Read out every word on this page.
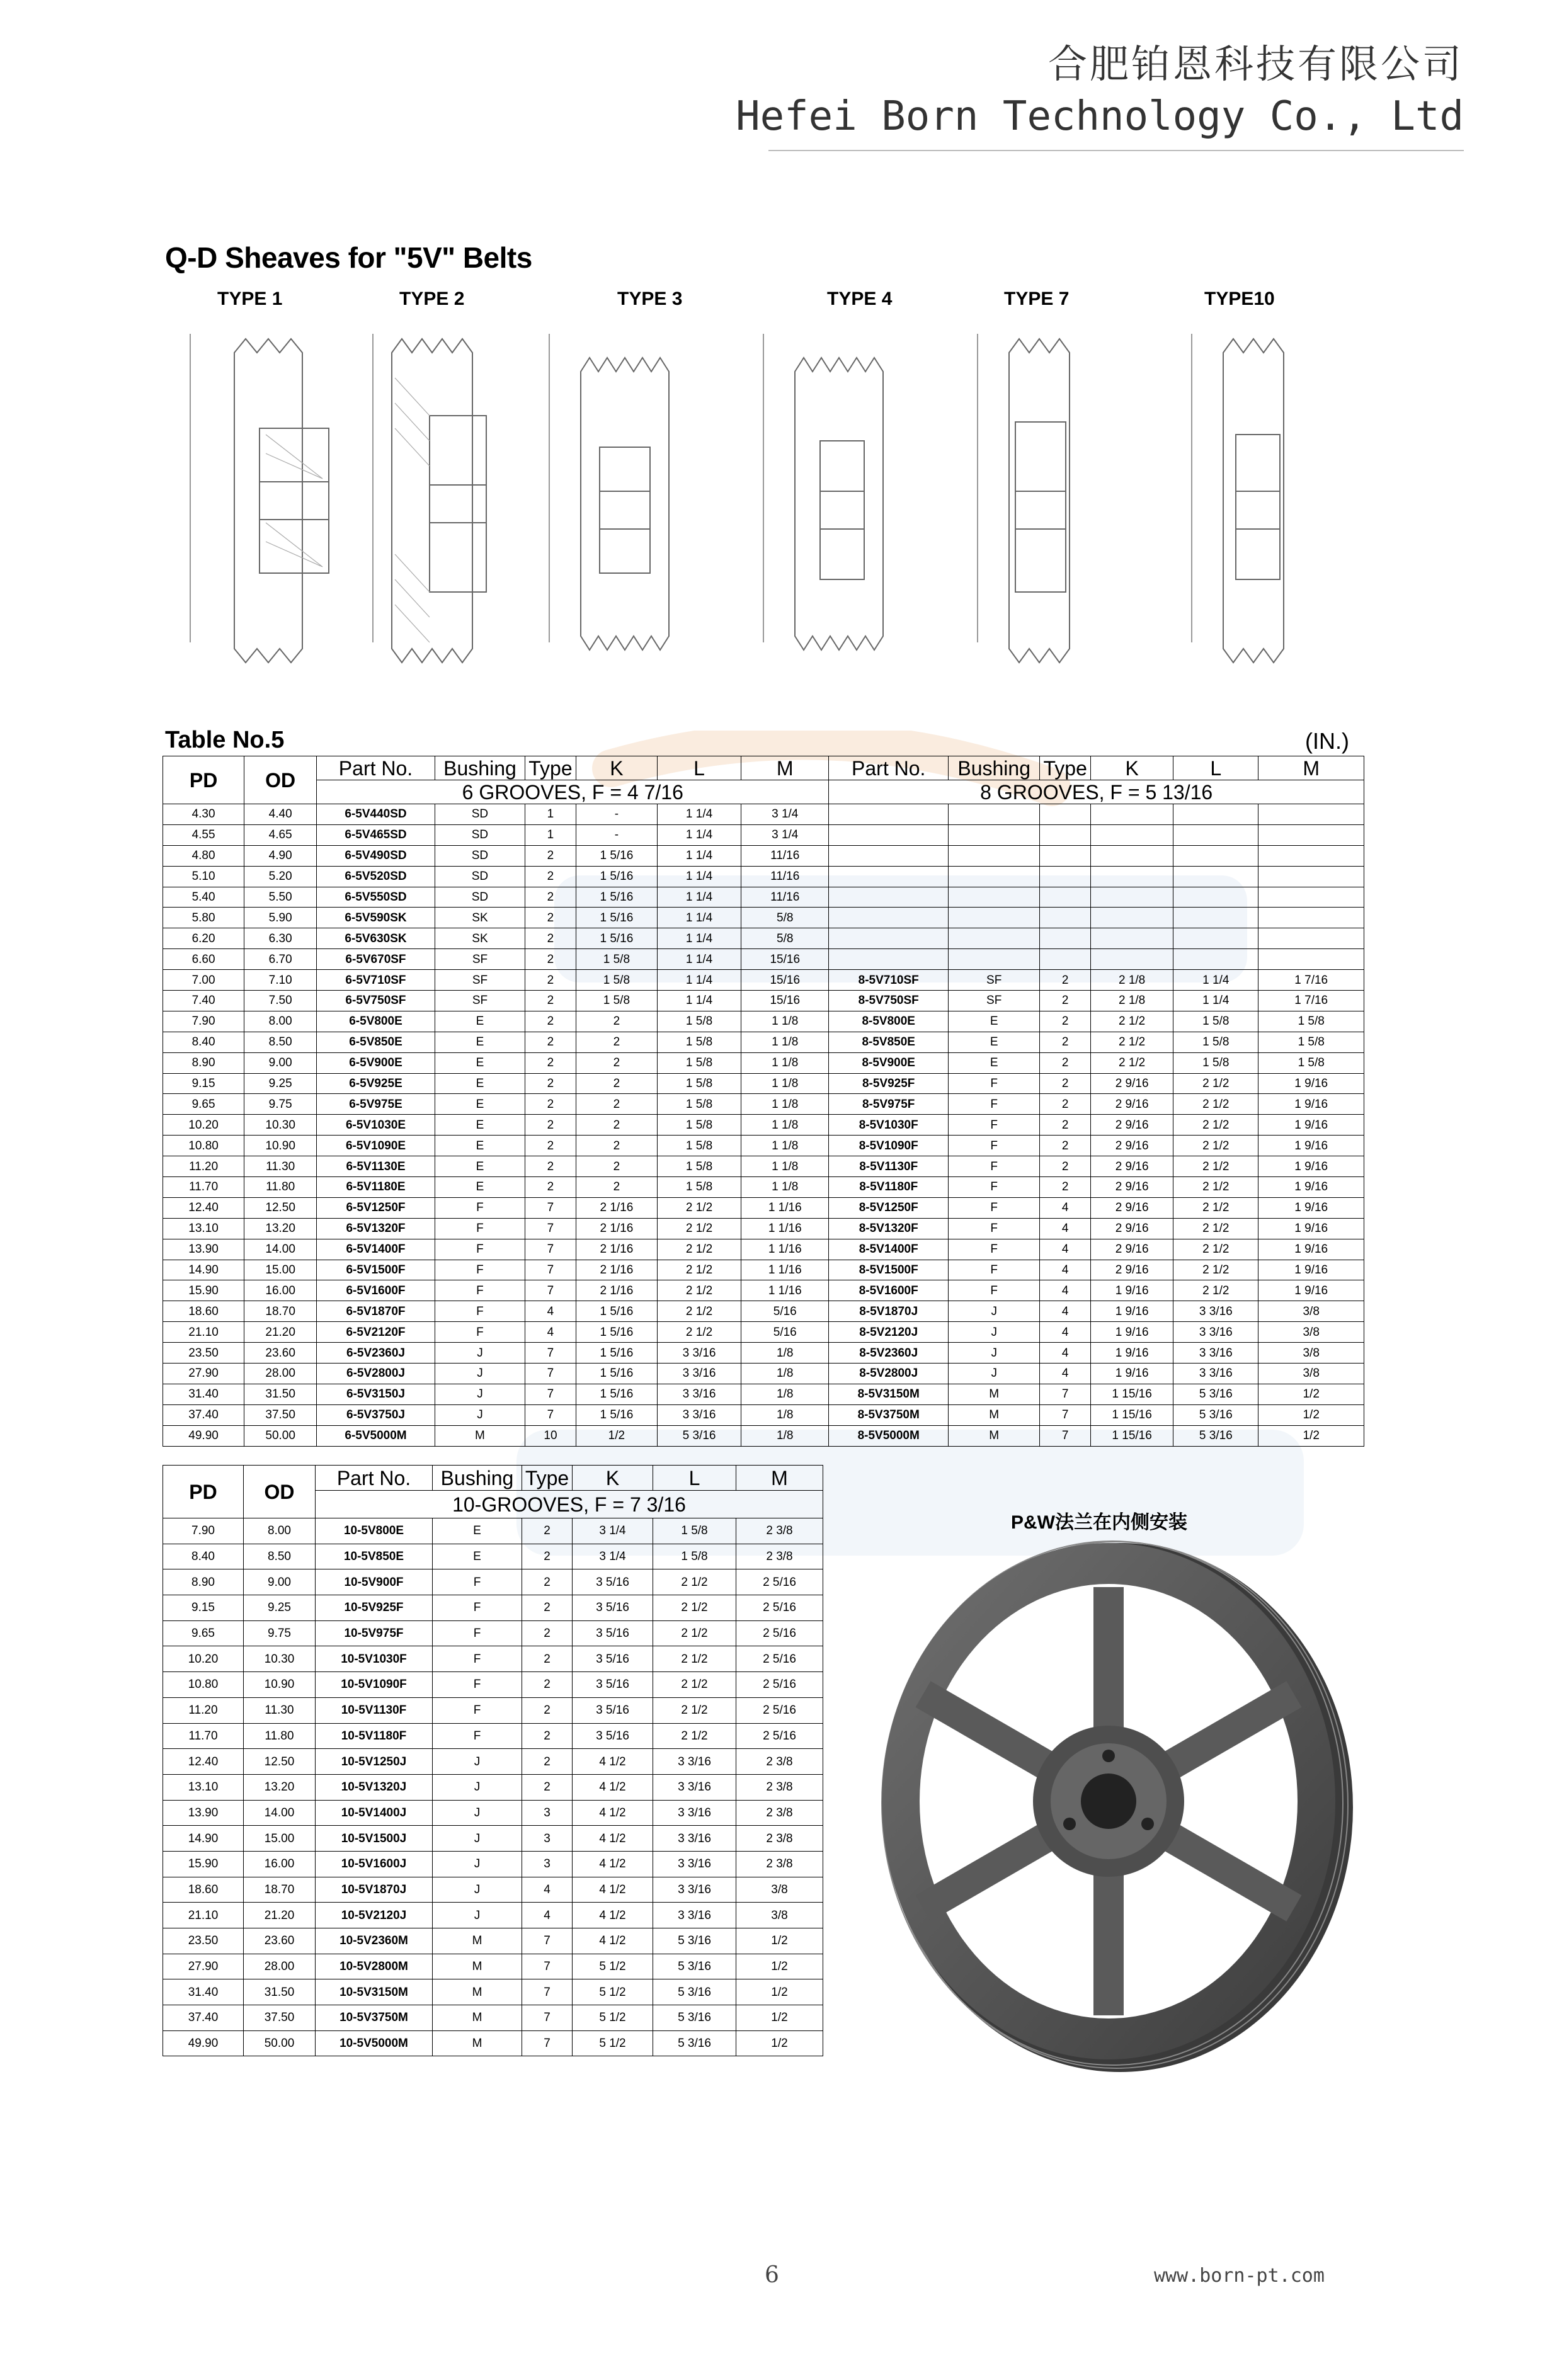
合肥铂恩科技有限公司
Hefei Born Technology Co., Ltd
Q-D Sheaves for "5V" Belts
TYPE 1	TYPE 2	TYPE 3	TYPE 4	TYPE 7	TYPE10
Table No.5	(IN.)
PD	OD	Part No.	Bushing	Type	K	L	M	Part No.	Bushing	Type	K	L	M
		6 GROOVES, F = 4 7/16						8 GROOVES, F = 5 13/16					
4.30	4.40	6-5V440SD	SD	1	-	1 1/4	3 1/4						
4.55	4.65	6-5V465SD	SD	1	-	1 1/4	3 1/4						
4.80	4.90	6-5V490SD	SD	2	1 5/16	1 1/4	11/16						
5.10	5.20	6-5V520SD	SD	2	1 5/16	1 1/4	11/16						
5.40	5.50	6-5V550SD	SD	2	1 5/16	1 1/4	11/16						
5.80	5.90	6-5V590SK	SK	2	1 5/16	1 1/4	5/8						
6.20	6.30	6-5V630SK	SK	2	1 5/16	1 1/4	5/8						
6.60	6.70	6-5V670SF	SF	2	1 5/8	1 1/4	15/16						
7.00	7.10	6-5V710SF	SF	2	1 5/8	1 1/4	15/16	8-5V710SF	SF	2	2 1/8	1 1/4	1 7/16
7.40	7.50	6-5V750SF	SF	2	1 5/8	1 1/4	15/16	8-5V750SF	SF	2	2 1/8	1 1/4	1 7/16
7.90	8.00	6-5V800E	E	2	2	1 5/8	1 1/8	8-5V800E	E	2	2 1/2	1 5/8	1 5/8
8.40	8.50	6-5V850E	E	2	2	1 5/8	1 1/8	8-5V850E	E	2	2 1/2	1 5/8	1 5/8
8.90	9.00	6-5V900E	E	2	2	1 5/8	1 1/8	8-5V900E	E	2	2 1/2	1 5/8	1 5/8
9.15	9.25	6-5V925E	E	2	2	1 5/8	1 1/8	8-5V925F	F	2	2 9/16	2 1/2	1 9/16
9.65	9.75	6-5V975E	E	2	2	1 5/8	1 1/8	8-5V975F	F	2	2 9/16	2 1/2	1 9/16
10.20	10.30	6-5V1030E	E	2	2	1 5/8	1 1/8	8-5V1030F	F	2	2 9/16	2 1/2	1 9/16
10.80	10.90	6-5V1090E	E	2	2	1 5/8	1 1/8	8-5V1090F	F	2	2 9/16	2 1/2	1 9/16
11.20	11.30	6-5V1130E	E	2	2	1 5/8	1 1/8	8-5V1130F	F	2	2 9/16	2 1/2	1 9/16
11.70	11.80	6-5V1180E	E	2	2	1 5/8	1 1/8	8-5V1180F	F	2	2 9/16	2 1/2	1 9/16
12.40	12.50	6-5V1250F	F	7	2 1/16	2 1/2	1 1/16	8-5V1250F	F	4	2 9/16	2 1/2	1 9/16
13.10	13.20	6-5V1320F	F	7	2 1/16	2 1/2	1 1/16	8-5V1320F	F	4	2 9/16	2 1/2	1 9/16
13.90	14.00	6-5V1400F	F	7	2 1/16	2 1/2	1 1/16	8-5V1400F	F	4	2 9/16	2 1/2	1 9/16
14.90	15.00	6-5V1500F	F	7	2 1/16	2 1/2	1 1/16	8-5V1500F	F	4	2 9/16	2 1/2	1 9/16
15.90	16.00	6-5V1600F	F	7	2 1/16	2 1/2	1 1/16	8-5V1600F	F	4	1 9/16	2 1/2	1 9/16
18.60	18.70	6-5V1870F	F	4	1 5/16	2 1/2	5/16	8-5V1870J	J	4	1 9/16	3 3/16	3/8
21.10	21.20	6-5V2120F	F	4	1 5/16	2 1/2	5/16	8-5V2120J	J	4	1 9/16	3 3/16	3/8
23.50	23.60	6-5V2360J	J	7	1 5/16	3 3/16	1/8	8-5V2360J	J	4	1 9/16	3 3/16	3/8
27.90	28.00	6-5V2800J	J	7	1 5/16	3 3/16	1/8	8-5V2800J	J	4	1 9/16	3 3/16	3/8
31.40	31.50	6-5V3150J	J	7	1 5/16	3 3/16	1/8	8-5V3150M	M	7	1 15/16	5 3/16	1/2
37.40	37.50	6-5V3750J	J	7	1 5/16	3 3/16	1/8	8-5V3750M	M	7	1 15/16	5 3/16	1/2
49.90	50.00	6-5V5000M	M	10	1/2	5 3/16	1/8	8-5V5000M	M	7	1 15/16	5 3/16	1/2
PD	OD	Part No.	Bushing	Type	K	L	M
		10-GROOVES, F = 7 3/16					
7.90	8.00	10-5V800E	E	2	3 1/4	1 5/8	2 3/8
8.40	8.50	10-5V850E	E	2	3 1/4	1 5/8	2 3/8
8.90	9.00	10-5V900F	F	2	3 5/16	2 1/2	2 5/16
9.15	9.25	10-5V925F	F	2	3 5/16	2 1/2	2 5/16
9.65	9.75	10-5V975F	F	2	3 5/16	2 1/2	2 5/16
10.20	10.30	10-5V1030F	F	2	3 5/16	2 1/2	2 5/16
10.80	10.90	10-5V1090F	F	2	3 5/16	2 1/2	2 5/16
11.20	11.30	10-5V1130F	F	2	3 5/16	2 1/2	2 5/16
11.70	11.80	10-5V1180F	F	2	3 5/16	2 1/2	2 5/16
12.40	12.50	10-5V1250J	J	2	4 1/2	3 3/16	2 3/8
13.10	13.20	10-5V1320J	J	2	4 1/2	3 3/16	2 3/8
13.90	14.00	10-5V1400J	J	3	4 1/2	3 3/16	2 3/8
14.90	15.00	10-5V1500J	J	3	4 1/2	3 3/16	2 3/8
15.90	16.00	10-5V1600J	J	3	4 1/2	3 3/16	2 3/8
18.60	18.70	10-5V1870J	J	4	4 1/2	3 3/16	3/8
21.10	21.20	10-5V2120J	J	4	4 1/2	3 3/16	3/8
23.50	23.60	10-5V2360M	M	7	4 1/2	5 3/16	1/2
27.90	28.00	10-5V2800M	M	7	5 1/2	5 3/16	1/2
31.40	31.50	10-5V3150M	M	7	5 1/2	5 3/16	1/2
37.40	37.50	10-5V3750M	M	7	5 1/2	5 3/16	1/2
49.90	50.00	10-5V5000M	M	7	5 1/2	5 3/16	1/2
P&W法兰在内侧安装
6	www.born-pt.com
